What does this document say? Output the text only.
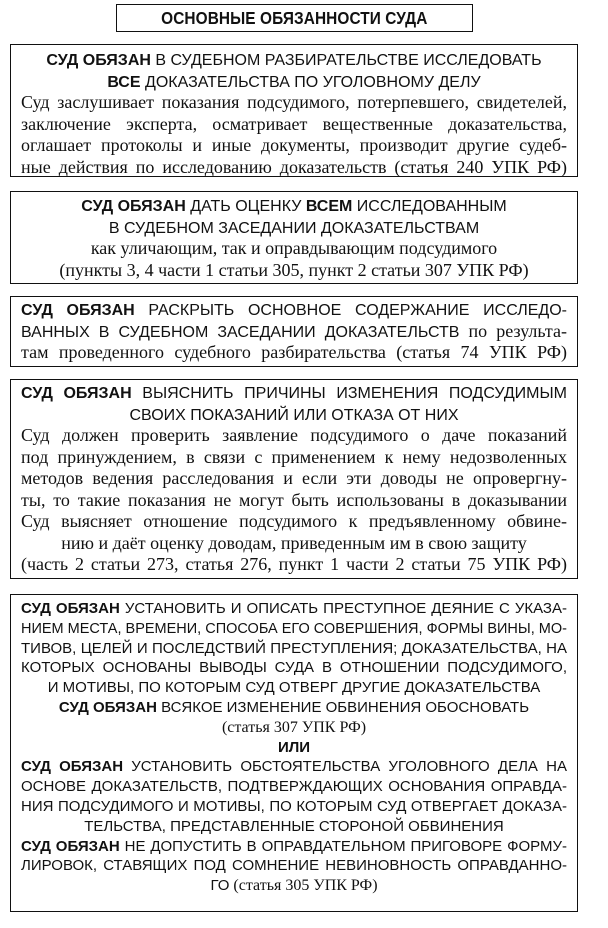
ОСНОВНЫЕ ОБЯЗАННОСТИ СУДА
СУД ОБЯЗАН В СУДЕБНОМ РАЗБИРАТЕЛЬСТВЕ ИССЛЕДОВАТЬ
ВСЕ ДОКАЗАТЕЛЬСТВА ПО УГОЛОВНОМУ ДЕЛУ
Суд заслушивает показания подсудимого, потерпевшего, свидетелей,
заключение эксперта, осматривает вещественные доказательства,
оглашает протоколы и иные документы, производит другие судеб-
ные действия по исследованию доказательств (статья 240 УПК РФ)
СУД ОБЯЗАН ДАТЬ ОЦЕНКУ ВСЕМ ИССЛЕДОВАННЫМ
В СУДЕБНОМ ЗАСЕДАНИИ ДОКАЗАТЕЛЬСТВАМ
как уличающим, так и оправдывающим подсудимого
(пункты 3, 4 части 1 статьи 305, пункт 2 статьи 307 УПК РФ)
СУД ОБЯЗАН РАСКРЫТЬ ОСНОВНОЕ СОДЕРЖАНИЕ ИССЛЕДО-
ВАННЫХ В СУДЕБНОМ ЗАСЕДАНИИ ДОКАЗАТЕЛЬСТВ по результа-
там проведенного судебного разбирательства (статья 74 УПК РФ)
СУД ОБЯЗАН ВЫЯСНИТЬ ПРИЧИНЫ ИЗМЕНЕНИЯ ПОДСУДИМЫМ
СВОИХ ПОКАЗАНИЙ ИЛИ ОТКАЗА ОТ НИХ
Суд должен проверить заявление подсудимого о даче показаний
под принуждением, в связи с применением к нему недозволенных
методов ведения расследования и если эти доводы не опровергну-
ты, то такие показания не могут быть использованы в доказывании
Суд выясняет отношение подсудимого к предъявленному обвине-
нию и даёт оценку доводам, приведенным им в свою защиту
(часть 2 статьи 273, статья 276, пункт 1 части 2 статьи 75 УПК РФ)
СУД ОБЯЗАН УСТАНОВИТЬ И ОПИСАТЬ ПРЕСТУПНОЕ ДЕЯНИЕ С УКАЗА-
НИЕМ МЕСТА, ВРЕМЕНИ, СПОСОБА ЕГО СОВЕРШЕНИЯ, ФОРМЫ ВИНЫ, МО-
ТИВОВ, ЦЕЛЕЙ И ПОСЛЕДСТВИЙ ПРЕСТУПЛЕНИЯ; ДОКАЗАТЕЛЬСТВА, НА
КОТОРЫХ ОСНОВАНЫ ВЫВОДЫ СУДА В ОТНОШЕНИИ ПОДСУДИМОГО,
И МОТИВЫ, ПО КОТОРЫМ СУД ОТВЕРГ ДРУГИЕ ДОКАЗАТЕЛЬСТВА
СУД ОБЯЗАН ВСЯКОЕ ИЗМЕНЕНИЕ ОБВИНЕНИЯ ОБОСНОВАТЬ
(статья 307 УПК РФ)
ИЛИ
СУД ОБЯЗАН УСТАНОВИТЬ ОБСТОЯТЕЛЬСТВА УГОЛОВНОГО ДЕЛА НА
ОСНОВЕ ДОКАЗАТЕЛЬСТВ, ПОДТВЕРЖДАЮЩИХ ОСНОВАНИЯ ОПРАВДА-
НИЯ ПОДСУДИМОГО И МОТИВЫ, ПО КОТОРЫМ СУД ОТВЕРГАЕТ ДОКАЗА-
ТЕЛЬСТВА, ПРЕДСТАВЛЕННЫЕ СТОРОНОЙ ОБВИНЕНИЯ
СУД ОБЯЗАН НЕ ДОПУСТИТЬ В ОПРАВДАТЕЛЬНОМ ПРИГОВОРЕ ФОРМУ-
ЛИРОВОК, СТАВЯЩИХ ПОД СОМНЕНИЕ НЕВИНОВНОСТЬ ОПРАВДАННО-
ГО (статья 305 УПК РФ)
